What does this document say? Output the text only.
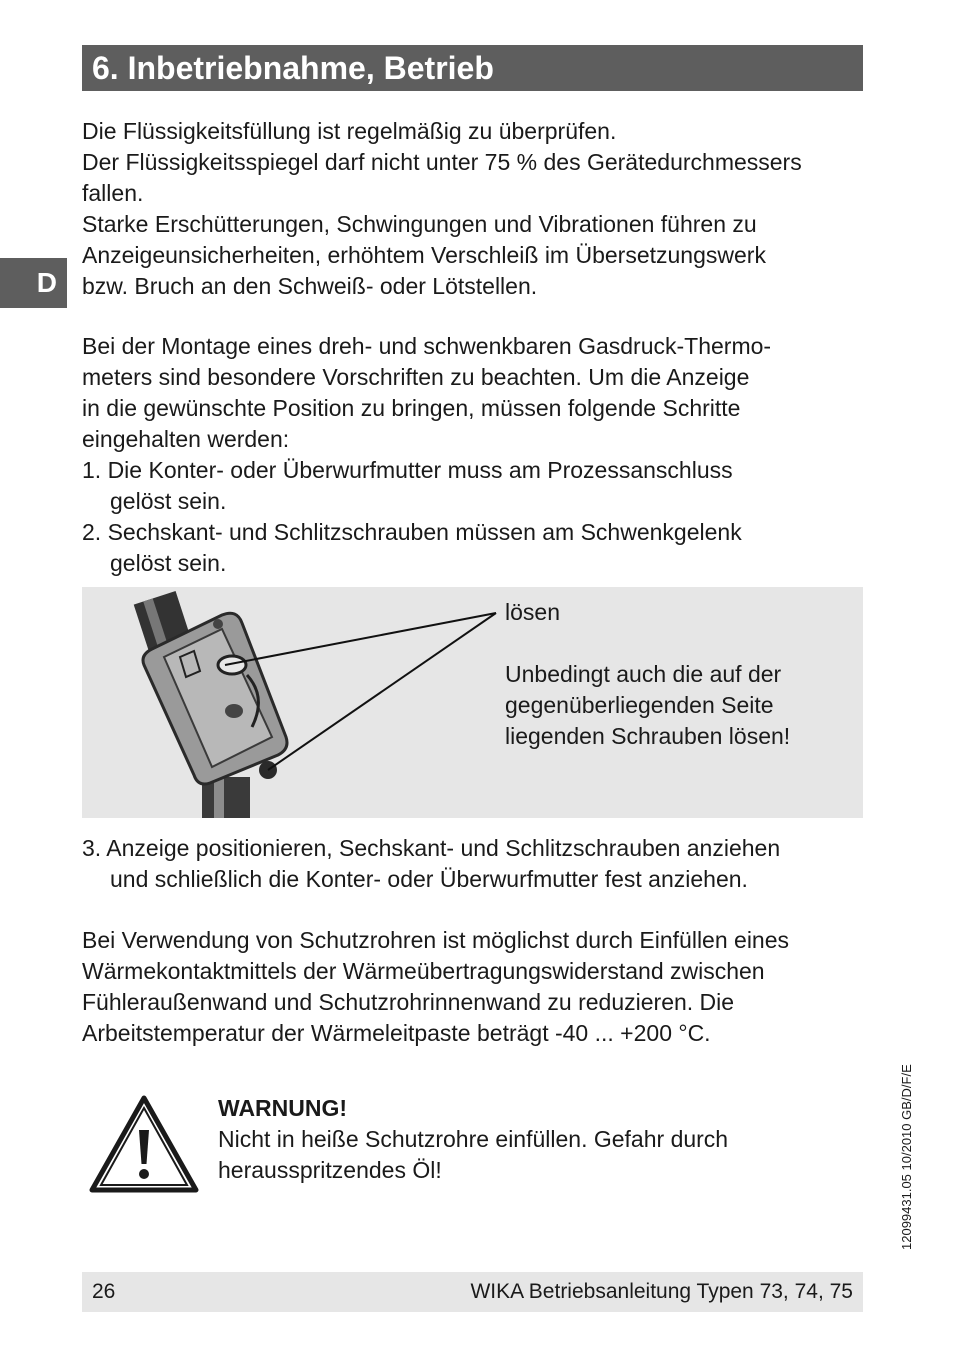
6. Inbetriebnahme, Betrieb
D

Die Flüssigkeitsfüllung ist regelmäßig zu überprüfen.
Der Flüssigkeitsspiegel darf nicht unter 75 % des Gerätedurchmessers
fallen.
Starke Erschütterungen, Schwingungen und Vibrationen führen zu
Anzeigeunsicherheiten, erhöhtem Verschleiß im Übersetzungswerk
bzw. Bruch an den Schweiß- oder Lötstellen.

Bei der Montage eines dreh- und schwenkbaren Gasdruck-Thermo-
meters sind besondere Vorschriften zu beachten. Um die Anzeige
in die gewünschte Position zu bringen, müssen folgende Schritte
eingehalten werden:
1. Die Konter- oder Überwurfmutter muss am Prozessanschluss
gelöst sein.
2. Sechskant- und Schlitzschrauben müssen am Schwenkgelenk
gelöst sein.

lösen
Unbedingt auch die auf der
gegenüberliegenden Seite
liegenden Schrauben lösen!

3. Anzeige positionieren, Sechskant- und Schlitzschrauben anziehen
und schließlich die Konter- oder Überwurfmutter fest anziehen.

Bei Verwendung von Schutzrohren ist möglichst durch Einfüllen eines
Wärmekontaktmittels der Wärmeübertragungswiderstand zwischen
Fühleraußenwand und Schutzrohrinnenwand zu reduzieren. Die
Arbeitstemperatur der Wärmeleitpaste beträgt -40 ... +200 °C.

WARNUNG!
Nicht in heiße Schutzrohre einfüllen. Gefahr durch
herausspritzendes Öl!	12099431.05 10/2010 GB/D/F/E
26	WIKA Betriebsanleitung Typen 73, 74, 75
